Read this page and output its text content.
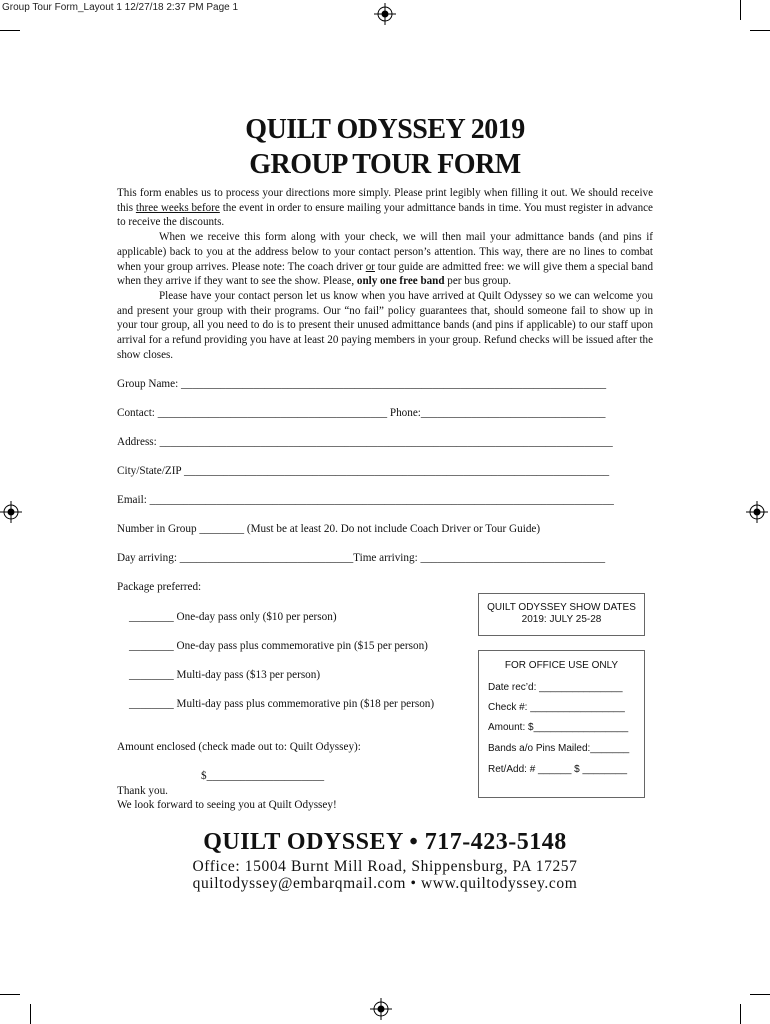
Group Tour Form_Layout 1 12/27/18 2:37 PM Page 1
QUILT ODYSSEY 2019
GROUP TOUR FORM

This form enables us to process your directions more simply. Please print legibly when filling it out. We should receive this three weeks before the event in order to ensure mailing your admittance bands in time. You must register in advance to receive the discounts.

When we receive this form along with your check, we will then mail your admittance bands (and pins if applicable) back to you at the address below to your contact person’s attention. This way, there are no lines to combat when your group arrives. Please note: The coach driver or tour guide are admitted free: we will give them a special band when they arrive if they want to see the show. Please, only one free band per bus group.

Please have your contact person let us know when you have arrived at Quilt Odyssey so we can welcome you and present your group with their programs. Our “no fail” policy guarantees that, should someone fail to show up in your tour group, all you need to do is to present their unused admittance bands (and pins if applicable) to our staff upon arrival for a refund providing you have at least 20 paying members in your group. Refund checks will be issued after the show closes.

Group Name: ____________________________________________________________________________
Contact: _________________________________________ Phone:_________________________________
Address: _________________________________________________________________________________
City/State/ZIP ____________________________________________________________________________
Email: ___________________________________________________________________________________
Number in Group ________ (Must be at least 20. Do not include Coach Driver or Tour Guide)
Day arriving: _______________________________Time arriving: _________________________________
Package preferred:
________ One-day pass only ($10 per person)
________ One-day pass plus commemorative pin ($15 per person)
________ Multi-day pass ($13 per person)
________ Multi-day pass plus commemorative pin ($18 per person)
Amount enclosed (check made out to: Quilt Odyssey):
$_____________________
Thank you.
We look forward to seeing you at Quilt Odyssey!
QUILT ODYSSEY SHOW DATES
2019: JULY 25-28
FOR OFFICE USE ONLY
Date rec’d: _______________
Check #: _________________
Amount: $_________________
Bands a/o Pins Mailed:_______
Ret/Add: # ______ $ ________
QUILT ODYSSEY • 717-423-5148
Office: 15004 Burnt Mill Road, Shippensburg, PA 17257
quiltodyssey@embarqmail.com • www.quiltodyssey.com
